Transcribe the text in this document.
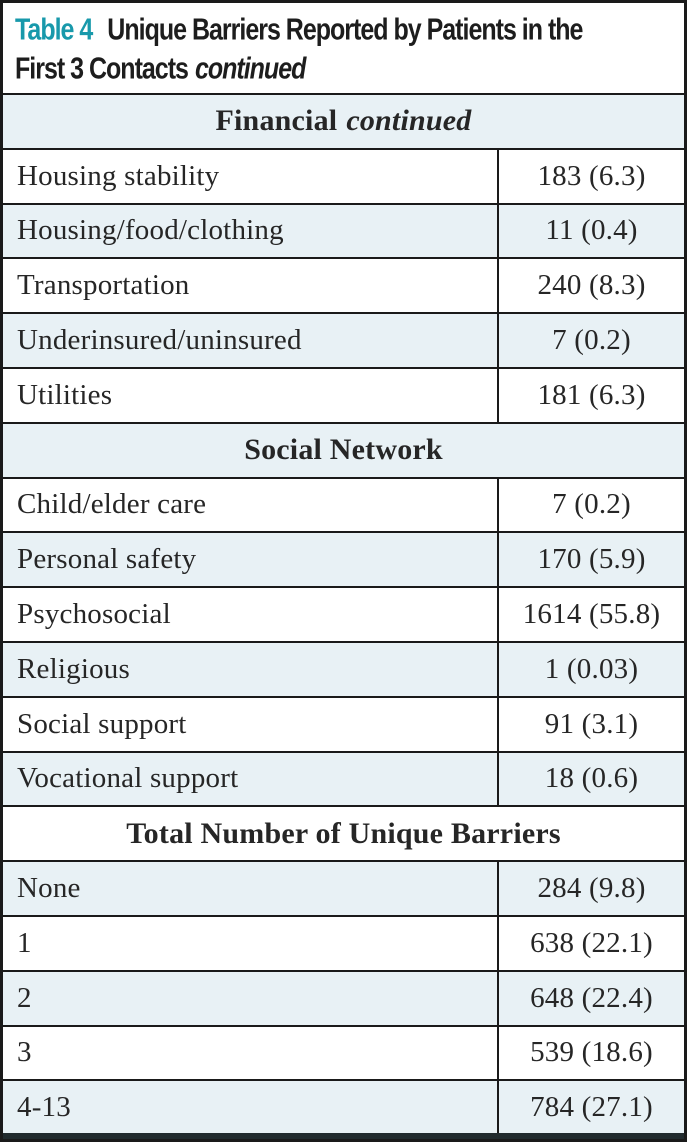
Table 4 Unique Barriers Reported by Patients in the
First 3 Contacts continued
Financial continued
Housing stability	183 (6.3)
Housing/food/clothing	11 (0.4)
Transportation	240 (8.3)
Underinsured/uninsured	7 (0.2)
Utilities	181 (6.3)
Social Network
Child/elder care	7 (0.2)
Personal safety	170 (5.9)
Psychosocial	1614 (55.8)
Religious	1 (0.03)
Social support	91 (3.1)
Vocational support	18 (0.6)
Total Number of Unique Barriers
None	284 (9.8)
1	638 (22.1)
2	648 (22.4)
3	539 (18.6)
4-13	784 (27.1)
